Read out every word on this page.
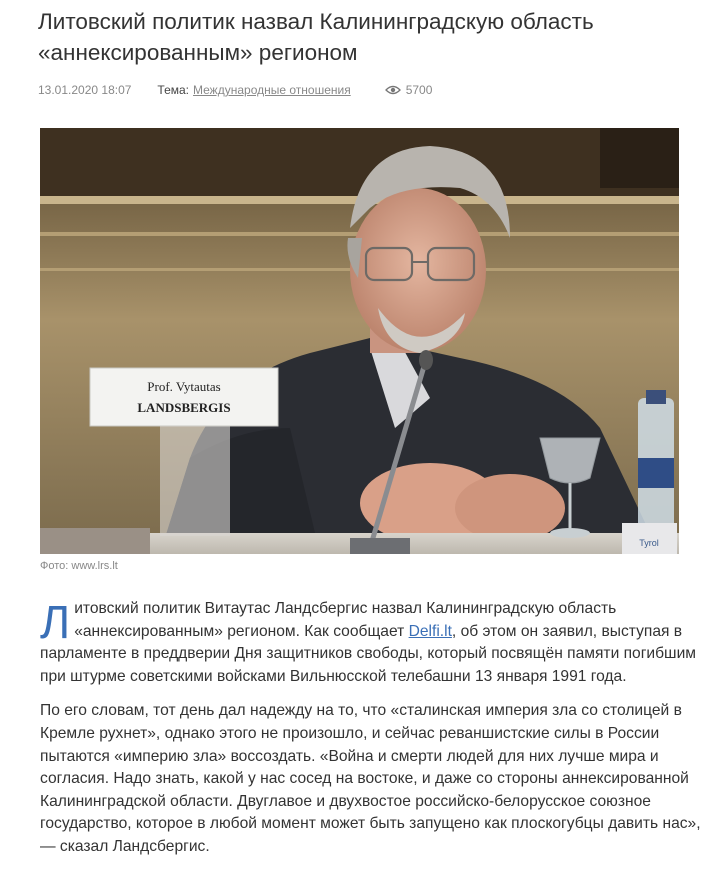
Литовский политик назвал Калининградскую область «аннексированным» регионом
13.01.2020 18:07 Тема: Международные отношения	5700
Prof. Vytautas
LANDSBERGIS
Tyrol
Фото: www.lrs.lt

Литовский политик Витаутас Ландсбергис назвал Калининградскую область «аннексированным» регионом. Как сообщает Delfi.lt, об этом он заявил, выступая в парламенте в преддверии Дня защитников свободы, который посвящён памяти погибшим при штурме советскими войсками Вильнюсской телебашни 13 января 1991 года.

По его словам, тот день дал надежду на то, что «сталинская империя зла со столицей в Кремле рухнет», однако этого не произошло, и сейчас реваншистские силы в России пытаются «империю зла» воссоздать. «Война и смерти людей для них лучше мира и согласия. Надо знать, какой у нас сосед на востоке, и даже со стороны аннексированной Калининградской области. Двуглавое и двухвостое российско-белорусское союзное государство, которое в любой момент может быть запущено как плоскогубцы давить нас», — сказал Ландсбергис.
